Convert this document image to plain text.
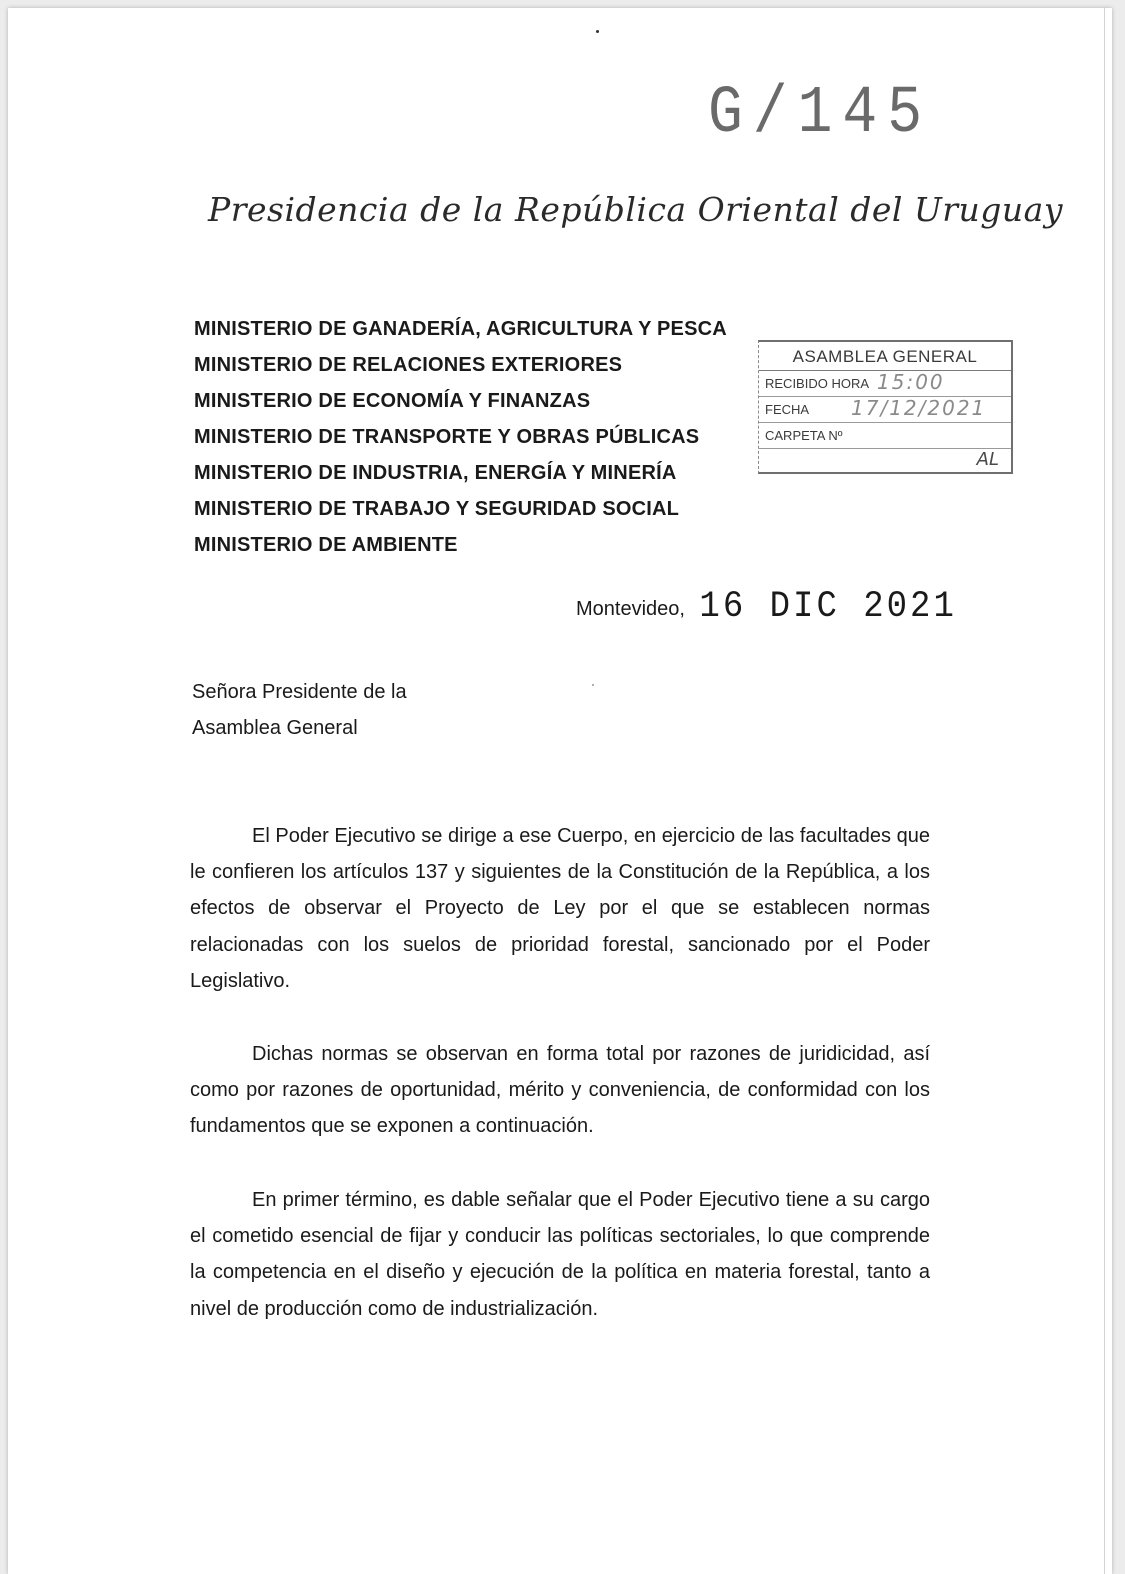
G/145
Presidencia de la República Oriental del Uruguay
MINISTERIO DE GANADERÍA, AGRICULTURA Y PESCA
MINISTERIO DE RELACIONES EXTERIORES
MINISTERIO DE ECONOMÍA Y FINANZAS
MINISTERIO DE TRANSPORTE Y OBRAS PÚBLICAS
MINISTERIO DE INDUSTRIA, ENERGÍA Y MINERÍA
MINISTERIO DE TRABAJO Y SEGURIDAD SOCIAL
MINISTERIO DE AMBIENTE
ASAMBLEA GENERAL
RECIBIDO HORA 15:00
FECHA 17/12/2021
CARPETA Nº
AL
Montevideo, 16 DIC 2021
Señora Presidente de la
Asamblea General

El Poder Ejecutivo se dirige a ese Cuerpo, en ejercicio de las facultades que le confieren los artículos 137 y siguientes de la Constitución de la República, a los efectos de observar el Proyecto de Ley por el que se establecen normas relacionadas con los suelos de prioridad forestal, sancionado por el Poder Legislativo.

Dichas normas se observan en forma total por razones de juridicidad, así como por razones de oportunidad, mérito y conveniencia, de conformidad con los fundamentos que se exponen a continuación.

En primer término, es dable señalar que el Poder Ejecutivo tiene a su cargo el cometido esencial de fijar y conducir las políticas sectoriales, lo que comprende la competencia en el diseño y ejecución de la política en materia forestal, tanto a nivel de producción como de industrialización.
